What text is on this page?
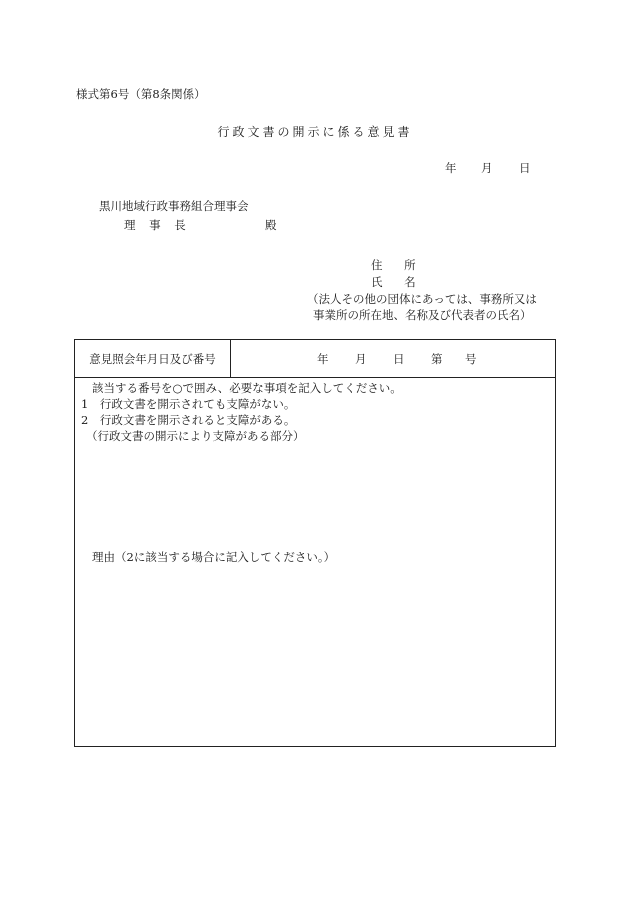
様式第6号（第8条関係）
行政文書の開示に係る意見書
年 月 日
黒川地域行政事務組合理事会
理 事 長	殿
住 所
氏 名
（法人その他の団体にあっては、事務所又は
事業所の所在地、名称及び代表者の氏名）
意見照会年月日及び番号	年	月	日	第	号
該当する番号を○で囲み、必要な事項を記入してください。
1　行政文書を開示されても支障がない。
2　行政文書を開示されると支障がある。
（行政文書の開示により支障がある部分）
理由（2に該当する場合に記入してください。）
